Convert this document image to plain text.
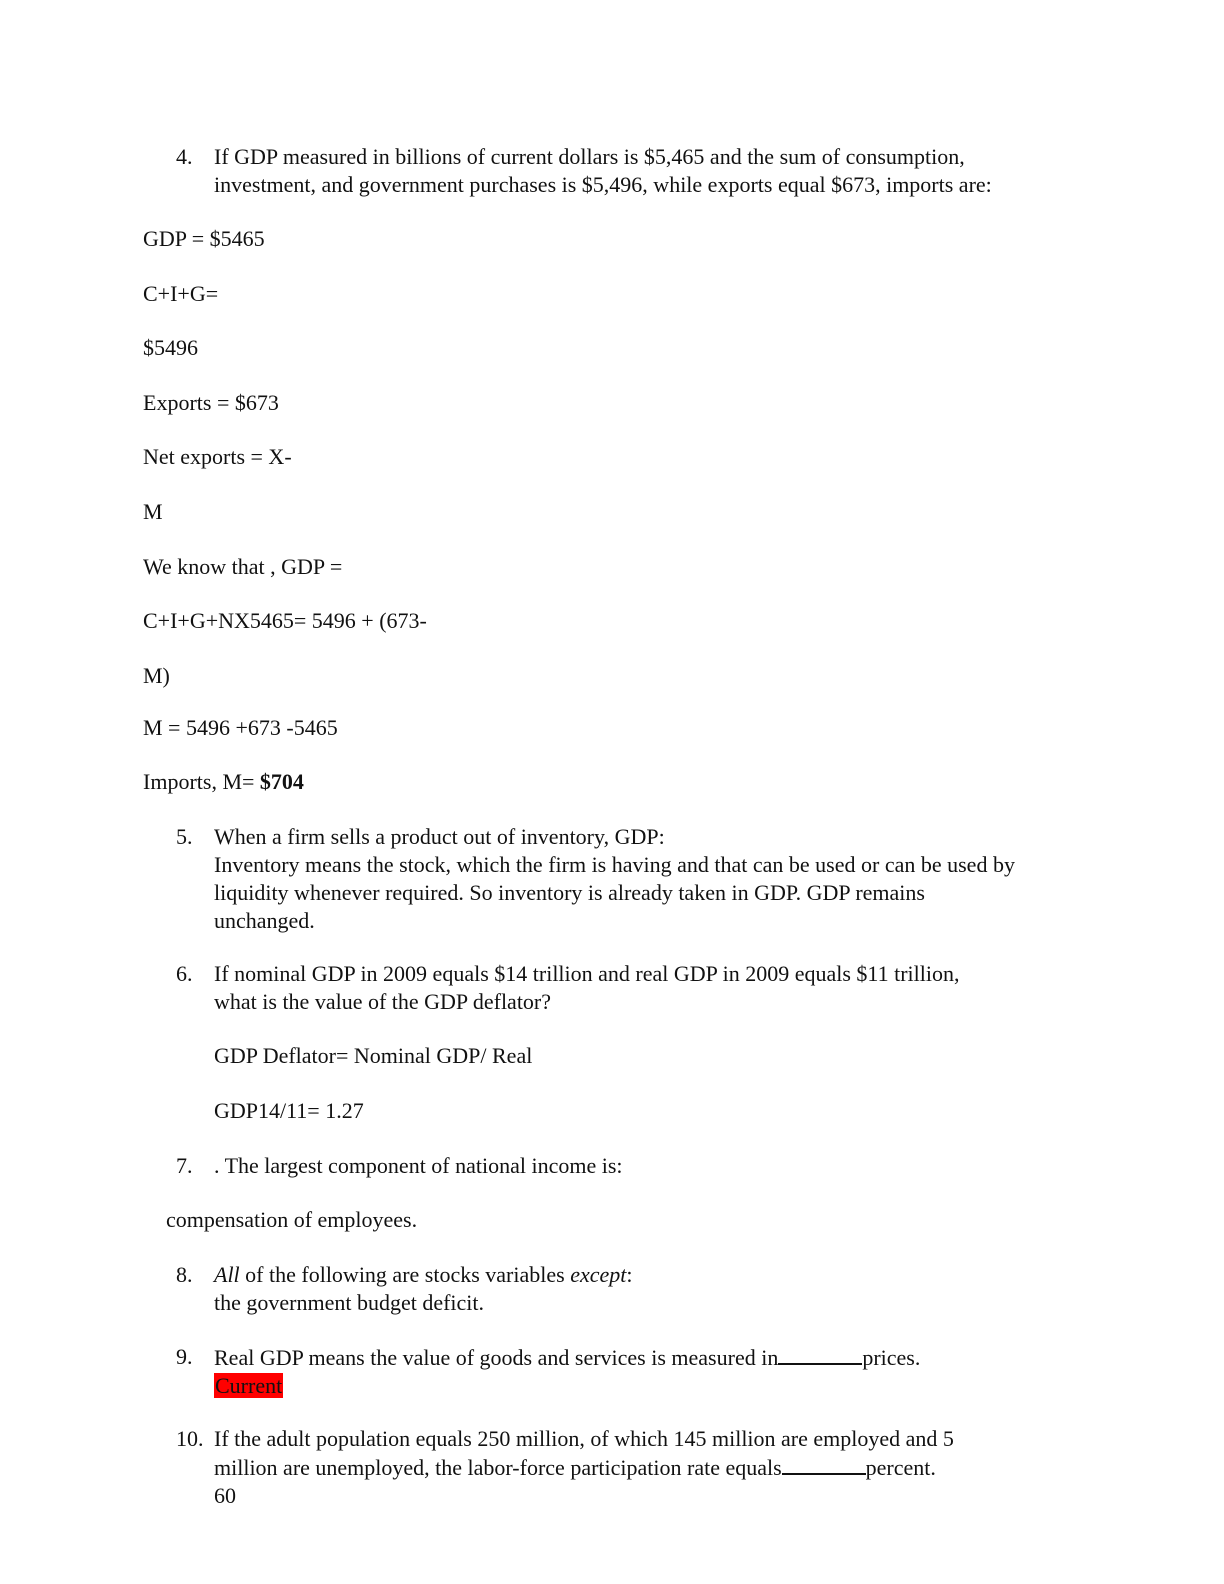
4. If GDP measured in billions of current dollars is $5,465 and the sum of consumption,
investment, and government purchases is $5,496, while exports equal $673, imports are:
GDP = $5465
C+I+G=
$5496
Exports = $673
Net exports = X-
M
We know that , GDP =
C+I+G+NX5465= 5496 + (673-
M)
M = 5496 +673 -5465
Imports, M= $704
5. When a firm sells a product out of inventory, GDP:
Inventory means the stock, which the firm is having and that can be used or can be used by
liquidity whenever required. So inventory is already taken in GDP. GDP remains
unchanged.
6. If nominal GDP in 2009 equals $14 trillion and real GDP in 2009 equals $11 trillion,
what is the value of the GDP deflator?
GDP Deflator= Nominal GDP/ Real
GDP14/11= 1.27
7. . The largest component of national income is:
compensation of employees.
8. All of the following are stocks variables except:
the government budget deficit.
9. Real GDP means the value of goods and services is measured in	prices.
Current
10. If the adult population equals 250 million, of which 145 million are employed and 5
million are unemployed, the labor-force participation rate equals	percent.
60
